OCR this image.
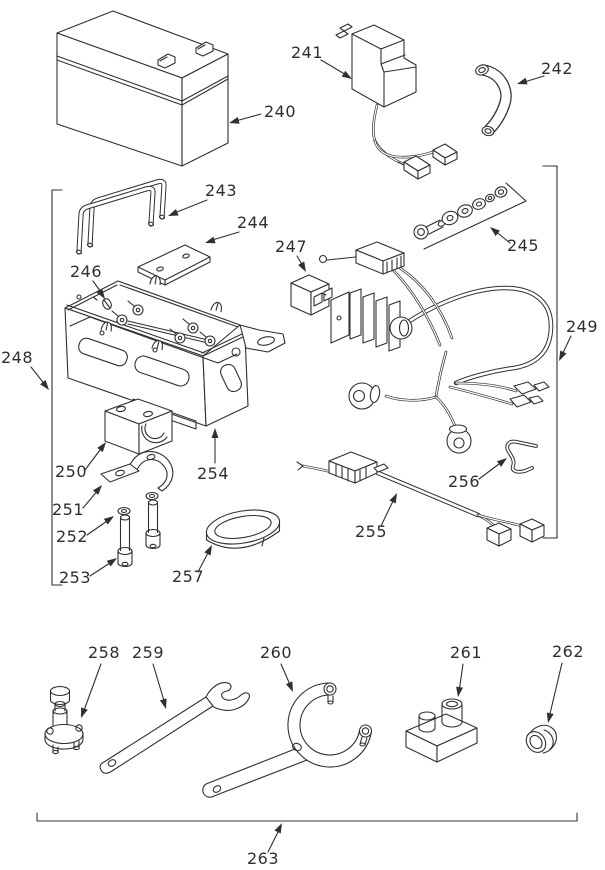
240
241
242
243
244
245
246
247
248
249
250
251
252
253
254
255
256
257
258 259	260	261	262
263
